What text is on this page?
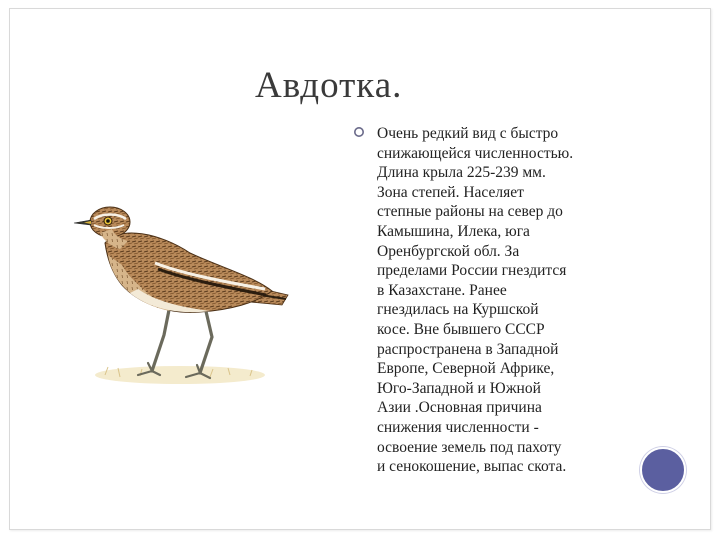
Авдотка.
Очень редкий вид с быстро
снижающейся численностью.
Длина крыла 225-239 мм.
Зона степей. Населяет
степные районы на север до
Камышина, Илека, юга
Оренбургской обл. За
пределами России гнездится
в Казахстане. Ранее
гнездилась на Куршской
косе. Вне бывшего СССР
распространена в Западной
Европе, Северной Африке,
Юго-Западной и Южной
Азии .Основная причина
снижения численности -
освоение земель под пахоту
и сенокошение, выпас скота.
